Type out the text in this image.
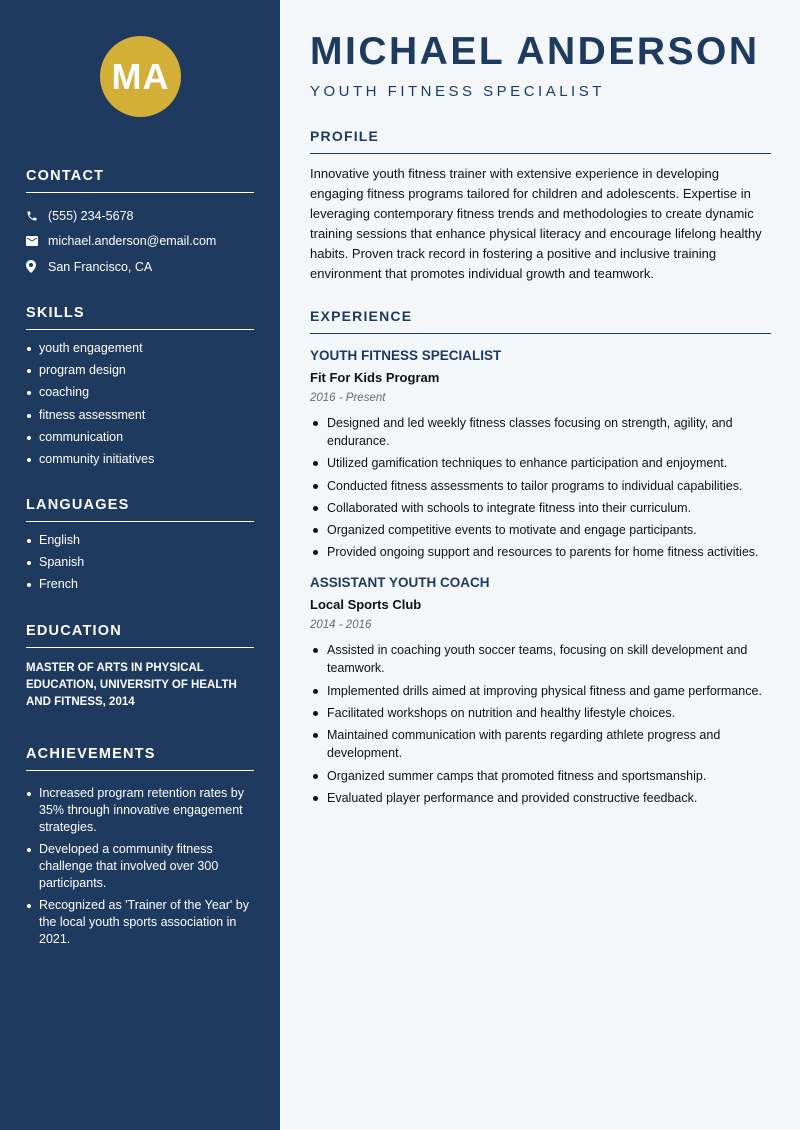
MA
CONTACT
(555) 234-5678
michael.anderson@email.com
San Francisco, CA
SKILLS
youth engagement
program design
coaching
fitness assessment
communication
community initiatives
LANGUAGES
English
Spanish
French
EDUCATION
MASTER OF ARTS IN PHYSICAL EDUCATION, UNIVERSITY OF HEALTH AND FITNESS, 2014
ACHIEVEMENTS
Increased program retention rates by 35% through innovative engagement strategies.
Developed a community fitness challenge that involved over 300 participants.
Recognized as 'Trainer of the Year' by the local youth sports association in 2021.
MICHAEL ANDERSON
YOUTH FITNESS SPECIALIST
PROFILE
Innovative youth fitness trainer with extensive experience in developing engaging fitness programs tailored for children and adolescents. Expertise in leveraging contemporary fitness trends and methodologies to create dynamic training sessions that enhance physical literacy and encourage lifelong healthy habits. Proven track record in fostering a positive and inclusive training environment that promotes individual growth and teamwork.
EXPERIENCE
YOUTH FITNESS SPECIALIST
Fit For Kids Program
2016 - Present
Designed and led weekly fitness classes focusing on strength, agility, and endurance.
Utilized gamification techniques to enhance participation and enjoyment.
Conducted fitness assessments to tailor programs to individual capabilities.
Collaborated with schools to integrate fitness into their curriculum.
Organized competitive events to motivate and engage participants.
Provided ongoing support and resources to parents for home fitness activities.
ASSISTANT YOUTH COACH
Local Sports Club
2014 - 2016
Assisted in coaching youth soccer teams, focusing on skill development and teamwork.
Implemented drills aimed at improving physical fitness and game performance.
Facilitated workshops on nutrition and healthy lifestyle choices.
Maintained communication with parents regarding athlete progress and development.
Organized summer camps that promoted fitness and sportsmanship.
Evaluated player performance and provided constructive feedback.
